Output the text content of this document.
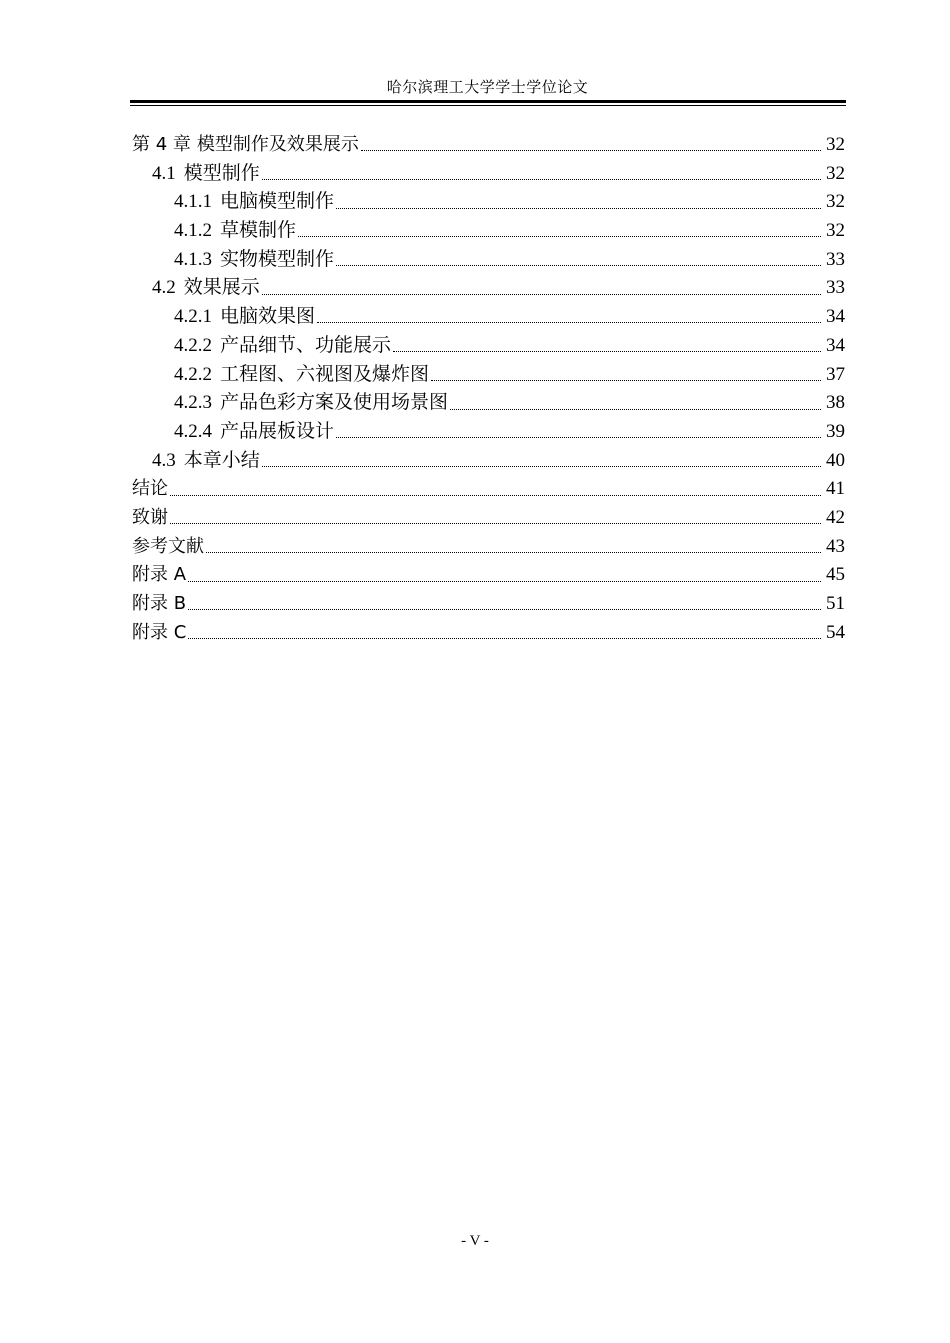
哈尔滨理工大学学士学位论文
第 4 章 模型制作及效果展示	32
4.1 模型制作	32
4.1.1 电脑模型制作	32
4.1.2 草模制作	32
4.1.3 实物模型制作	33
4.2 效果展示	33
4.2.1 电脑效果图	34
4.2.2 产品细节、功能展示	34
4.2.2 工程图、六视图及爆炸图	37
4.2.3 产品色彩方案及使用场景图	38
4.2.4 产品展板设计	39
4.3 本章小结	40
结论	41
致谢	42
参考文献	43
附录 A	45
附录 B	51
附录 C	54
- V -
